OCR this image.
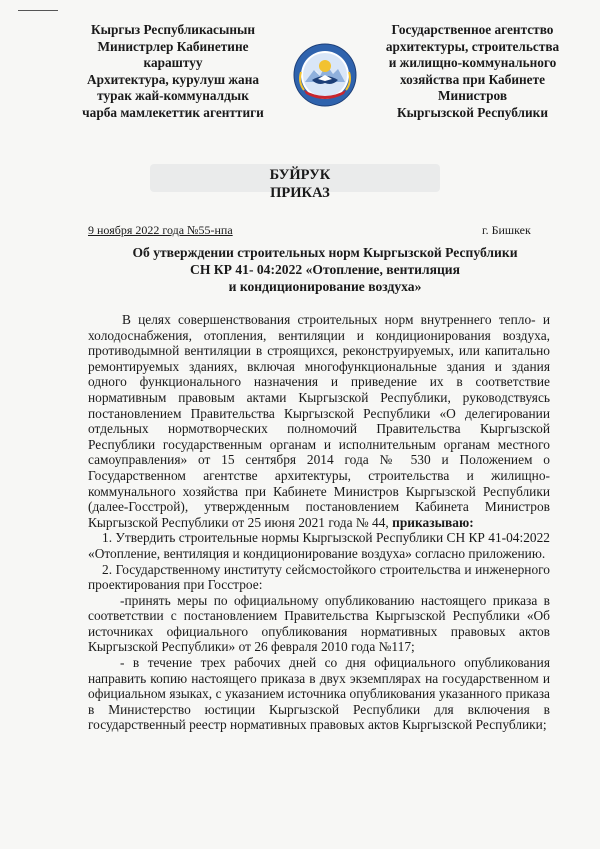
Кыргыз Республикасынын
Министрлер Кабинетине
караштуу
Архитектура, курулуш жана
турак жай-коммуналдык
чарба мамлекеттик агенттиги
Государственное агентство
архитектуры, строительства
и жилищно-коммунального
хозяйства при Кабинете
Министров
Кыргызской Республики
БУЙРУК
ПРИКАЗ
9 ноября 2022 года №55-нпа	г. Бишкек
Об утверждении строительных норм Кыргызской Республики
СН КР 41- 04:2022 «Отопление, вентиляция
и кондиционирование воздуха»

В целях совершенствования строительных норм внутреннего тепло- и холодоснабжения, отопления, вентиляции и кондиционирования воздуха, противодымной вентиляции в строящихся, реконструируемых, или капитально ремонтируемых зданиях, включая многофункциональные здания и здания одного функционального назначения и приведение их в соответствие нормативным правовым актами Кыргызской Республики, руководствуясь постановлением Правительства Кыргызской Республики «О делегировании отдельных нормотворческих полномочий Правительства Кыргызской Республики государственным органам и исполнительным органам местного самоуправления» от 15 сентября 2014 года № 530 и Положением о Государственном агентстве архитектуры, строительства и жилищно-коммунального хозяйства при Кабинете Министров Кыргызской Республики (далее-Госстрой), утвержденным постановлением Кабинета Министров Кыргызской Республики от 25 июня 2021 года № 44, приказываю:

1. Утвердить строительные нормы Кыргызской Республики СН КР 41-04:2022 «Отопление, вентиляция и кондиционирование воздуха» согласно приложению.

2. Государственному институту сейсмостойкого строительства и инженерного проектирования при Госстрое:

-принять меры по официальному опубликованию настоящего приказа в соответствии с постановлением Правительства Кыргызской Республики «Об источниках официального опубликования нормативных правовых актов Кыргызской Республики» от 26 февраля 2010 года №117;

- в течение трех рабочих дней со дня официального опубликования направить копию настоящего приказа в двух экземплярах на государственном и официальном языках, с указанием источника опубликования указанного приказа в Министерство юстиции Кыргызской Республики для включения в государственный реестр нормативных правовых актов Кыргызской Республики;
